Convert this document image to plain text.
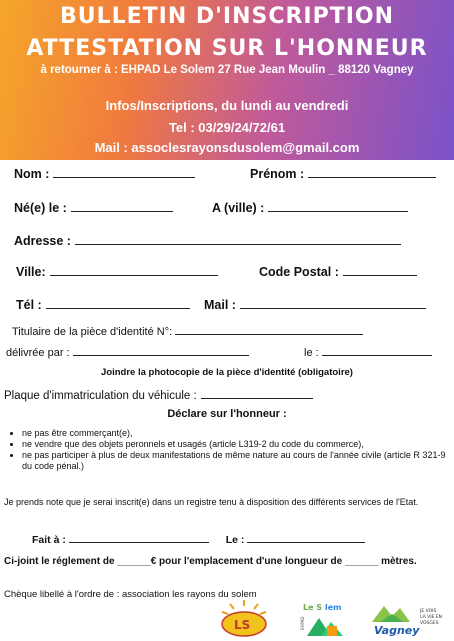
BULLETIN D'INSCRIPTION
ATTESTATION SUR L'HONNEUR
à retourner à : EHPAD Le Solem 27 Rue Jean Moulin _ 88120 Vagney
Infos/Inscriptions, du lundi au vendredi
Tel : 03/29/24/72/61
Mail : assoclesrayonsdusolem@gmail.com
Nom :	Prénom :
Né(e) le :	A (ville) :
Adresse :
Ville:	Code Postal :
Tél :	Mail :
Titulaire de la pièce d'identité N°:
délivrée par :	le :
Joindre la photocopie de la pièce d'identité (obligatoire)
Plaque d'immatriculation du véhicule :
Déclare sur l'honneur :
• ne pas être commerçant(e),
• ne vendre que des objets peronnels et usagés (article L319-2 du code du commerce),
• ne pas participer à plus de deux manifestations de même nature au cours de l'année civile (article R 321-9 du code pénal.)
Je prends note que je serai inscrit(e) dans un registre tenu à disposition des différents services de l'Etat.
Fait à :	Le :
Ci-joint le réglement de ______€ pour l'emplacement d'une longueur de ______ mètres.
Chèque libellé à l'ordre de : association les rayons du solem
LS
Le S lem
EHPAD
Vagney
JE VOIS
LA VIE EN
VOSGES
